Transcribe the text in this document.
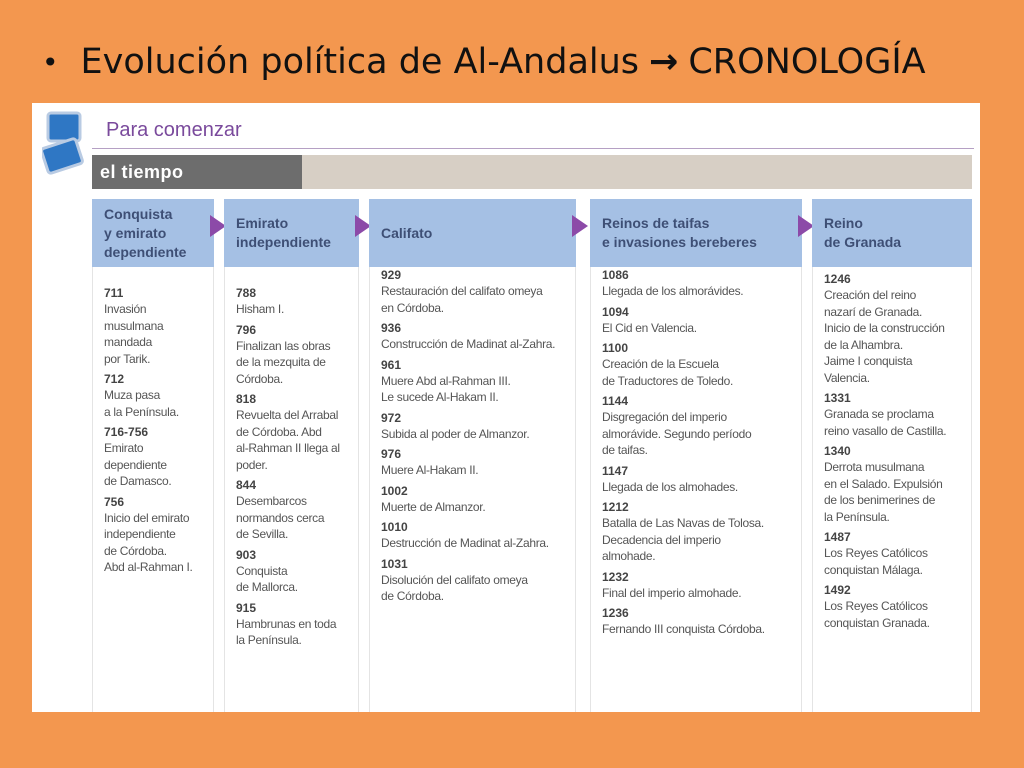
• Evolución política de Al-Andalus → CRONOLOGÍA
Para comenzar
el tiempo
Conquista
y emirato
dependiente
711
Invasión
musulmana
mandada
por Tarik.
712
Muza pasa
a la Península.
716-756
Emirato
dependiente
de Damasco.
756
Inicio del emirato
independiente
de Córdoba.
Abd al-Rahman I.
Emirato
independiente
788
Hisham I.
796
Finalizan las obras
de la mezquita de
Córdoba.
818
Revuelta del Arrabal
de Córdoba. Abd
al-Rahman II llega al
poder.
844
Desembarcos
normandos cerca
de Sevilla.
903
Conquista
de Mallorca.
915
Hambrunas en toda
la Península.
Califato
929
Restauración del califato omeya
en Córdoba.
936
Construcción de Madinat al-Zahra.
961
Muere Abd al-Rahman III.
Le sucede Al-Hakam II.
972
Subida al poder de Almanzor.
976
Muere Al-Hakam II.
1002
Muerte de Almanzor.
1010
Destrucción de Madinat al-Zahra.
1031
Disolución del califato omeya
de Córdoba.
Reinos de taifas
e invasiones bereberes
1086
Llegada de los almorávides.
1094
El Cid en Valencia.
1100
Creación de la Escuela
de Traductores de Toledo.
1144
Disgregación del imperio
almorávide. Segundo período
de taifas.
1147
Llegada de los almohades.
1212
Batalla de Las Navas de Tolosa.
Decadencia del imperio
almohade.
1232
Final del imperio almohade.
1236
Fernando III conquista Córdoba.
Reino
de Granada
1246
Creación del reino
nazarí de Granada.
Inicio de la construcción
de la Alhambra.
Jaime I conquista
Valencia.
1331
Granada se proclama
reino vasallo de Castilla.
1340
Derrota musulmana
en el Salado. Expulsión
de los benimerines de
la Península.
1487
Los Reyes Católicos
conquistan Málaga.
1492
Los Reyes Católicos
conquistan Granada.
